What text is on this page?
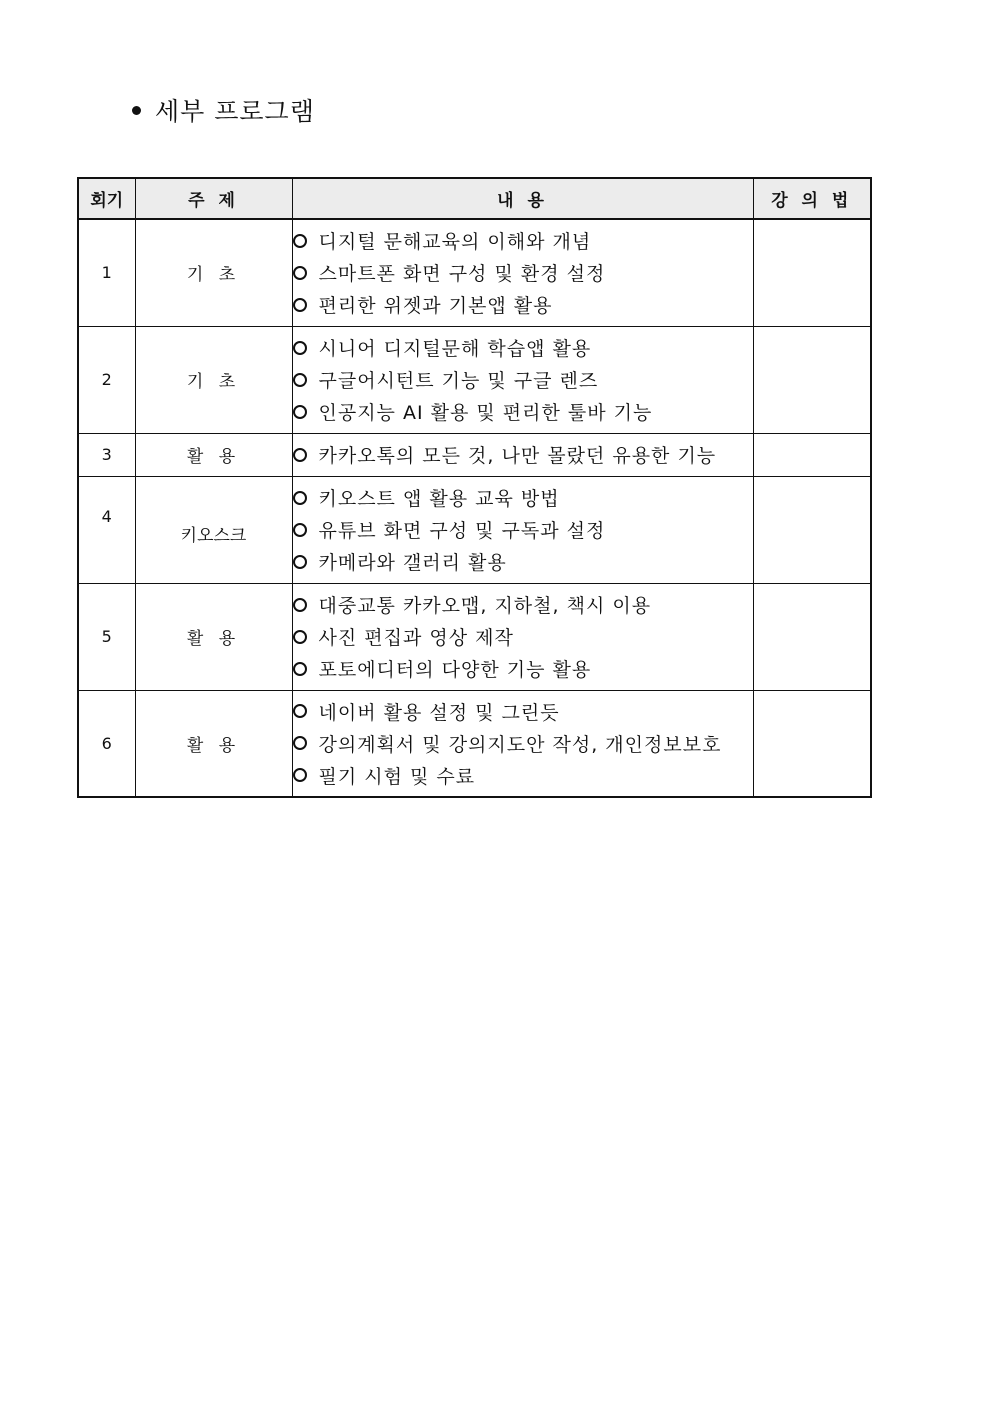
세부 프로그램
회기	주 제	내 용	강 의 법
1	기 초	디지털 문해교육의 이해와 개념
스마트폰 화면 구성 및 환경 설정
편리한 위젯과 기본앱 활용	

2	기 초	시니어 디지털문해 학습앱 활용
구글어시턴트 기능 및 구글 렌즈
인공지능 AI 활용 및 편리한 툴바 기능	

3	활 용	카카오톡의 모든 것, 나만 몰랐던 유용한 기능	

4	키오스크	키오스트 앱 활용 교육 방법
유튜브 화면 구성 및 구독과 설정
카메라와 갤러리 활용	

5	활 용	대중교통 카카오맵, 지하철, 책시 이용
사진 편집과 영상 제작
포토에디터의 다양한 기능 활용	

6	활 용	네이버 활용 설정 및 그린듯
강의계획서 및 강의지도안 작성, 개인정보보호
필기 시험 및 수료	
